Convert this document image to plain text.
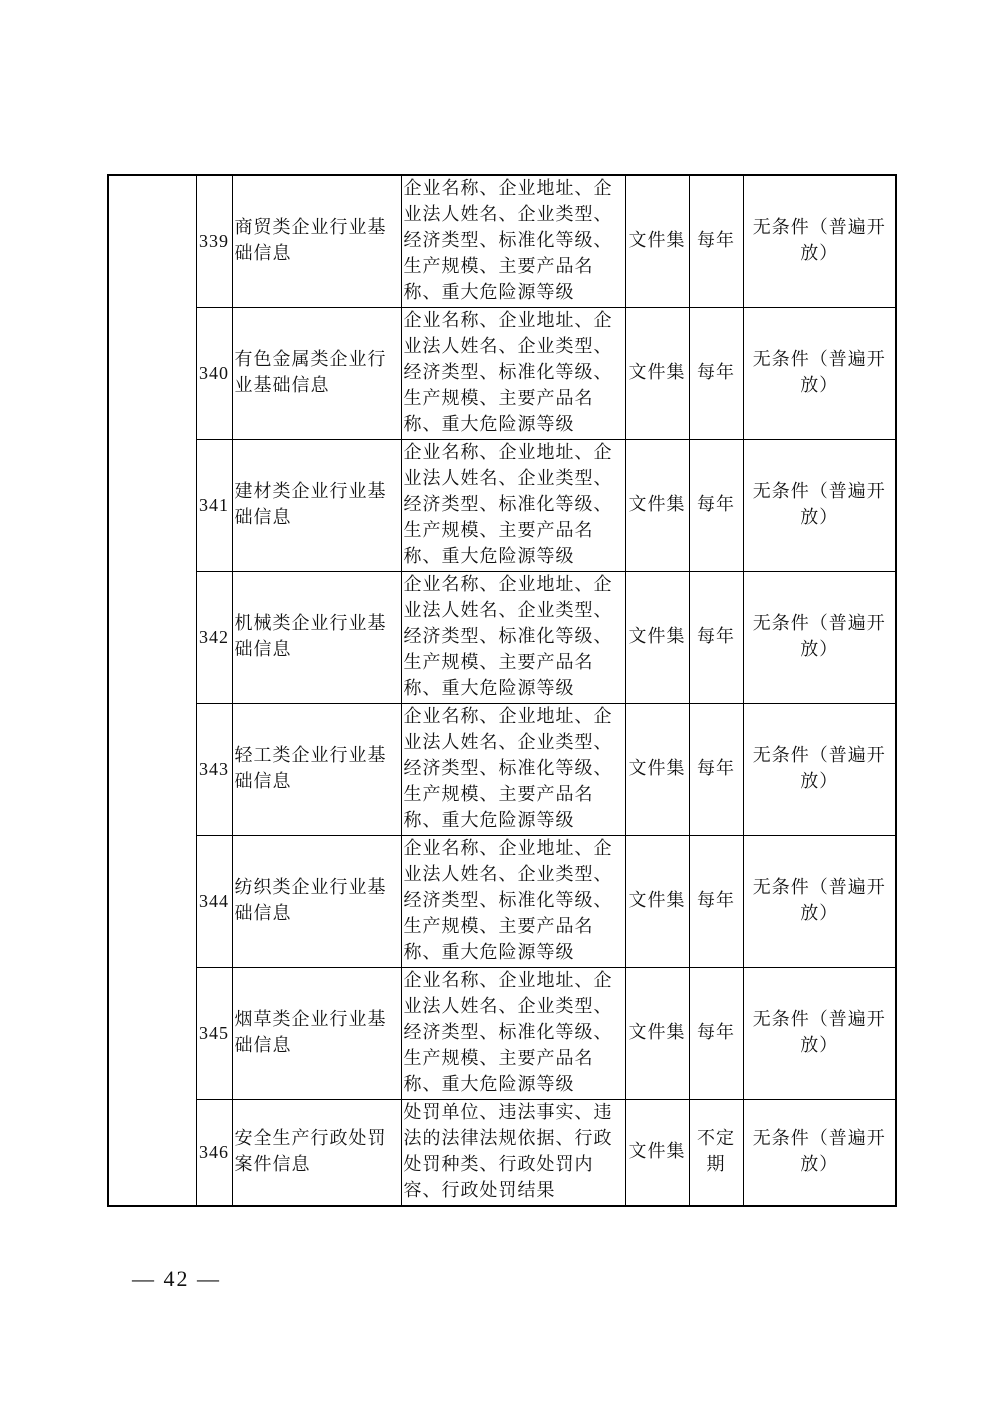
	339	商贸类企业行业基础信息	企业名称、企业地址、企业法人姓名、企业类型、经济类型、标准化等级、生产规模、主要产品名称、重大危险源等级	文件集	每年	无条件（普遍开放）
	340	有色金属类企业行业基础信息	企业名称、企业地址、企业法人姓名、企业类型、经济类型、标准化等级、生产规模、主要产品名称、重大危险源等级	文件集	每年	无条件（普遍开放）
	341	建材类企业行业基础信息	企业名称、企业地址、企业法人姓名、企业类型、经济类型、标准化等级、生产规模、主要产品名称、重大危险源等级	文件集	每年	无条件（普遍开放）
	342	机械类企业行业基础信息	企业名称、企业地址、企业法人姓名、企业类型、经济类型、标准化等级、生产规模、主要产品名称、重大危险源等级	文件集	每年	无条件（普遍开放）
	343	轻工类企业行业基础信息	企业名称、企业地址、企业法人姓名、企业类型、经济类型、标准化等级、生产规模、主要产品名称、重大危险源等级	文件集	每年	无条件（普遍开放）
	344	纺织类企业行业基础信息	企业名称、企业地址、企业法人姓名、企业类型、经济类型、标准化等级、生产规模、主要产品名称、重大危险源等级	文件集	每年	无条件（普遍开放）
	345	烟草类企业行业基础信息	企业名称、企业地址、企业法人姓名、企业类型、经济类型、标准化等级、生产规模、主要产品名称、重大危险源等级	文件集	每年	无条件（普遍开放）
	346	安全生产行政处罚案件信息	处罚单位、违法事实、违法的法律法规依据、行政处罚种类、行政处罚内容、行政处罚结果	文件集	不定期	无条件（普遍开放）
— 42 —
